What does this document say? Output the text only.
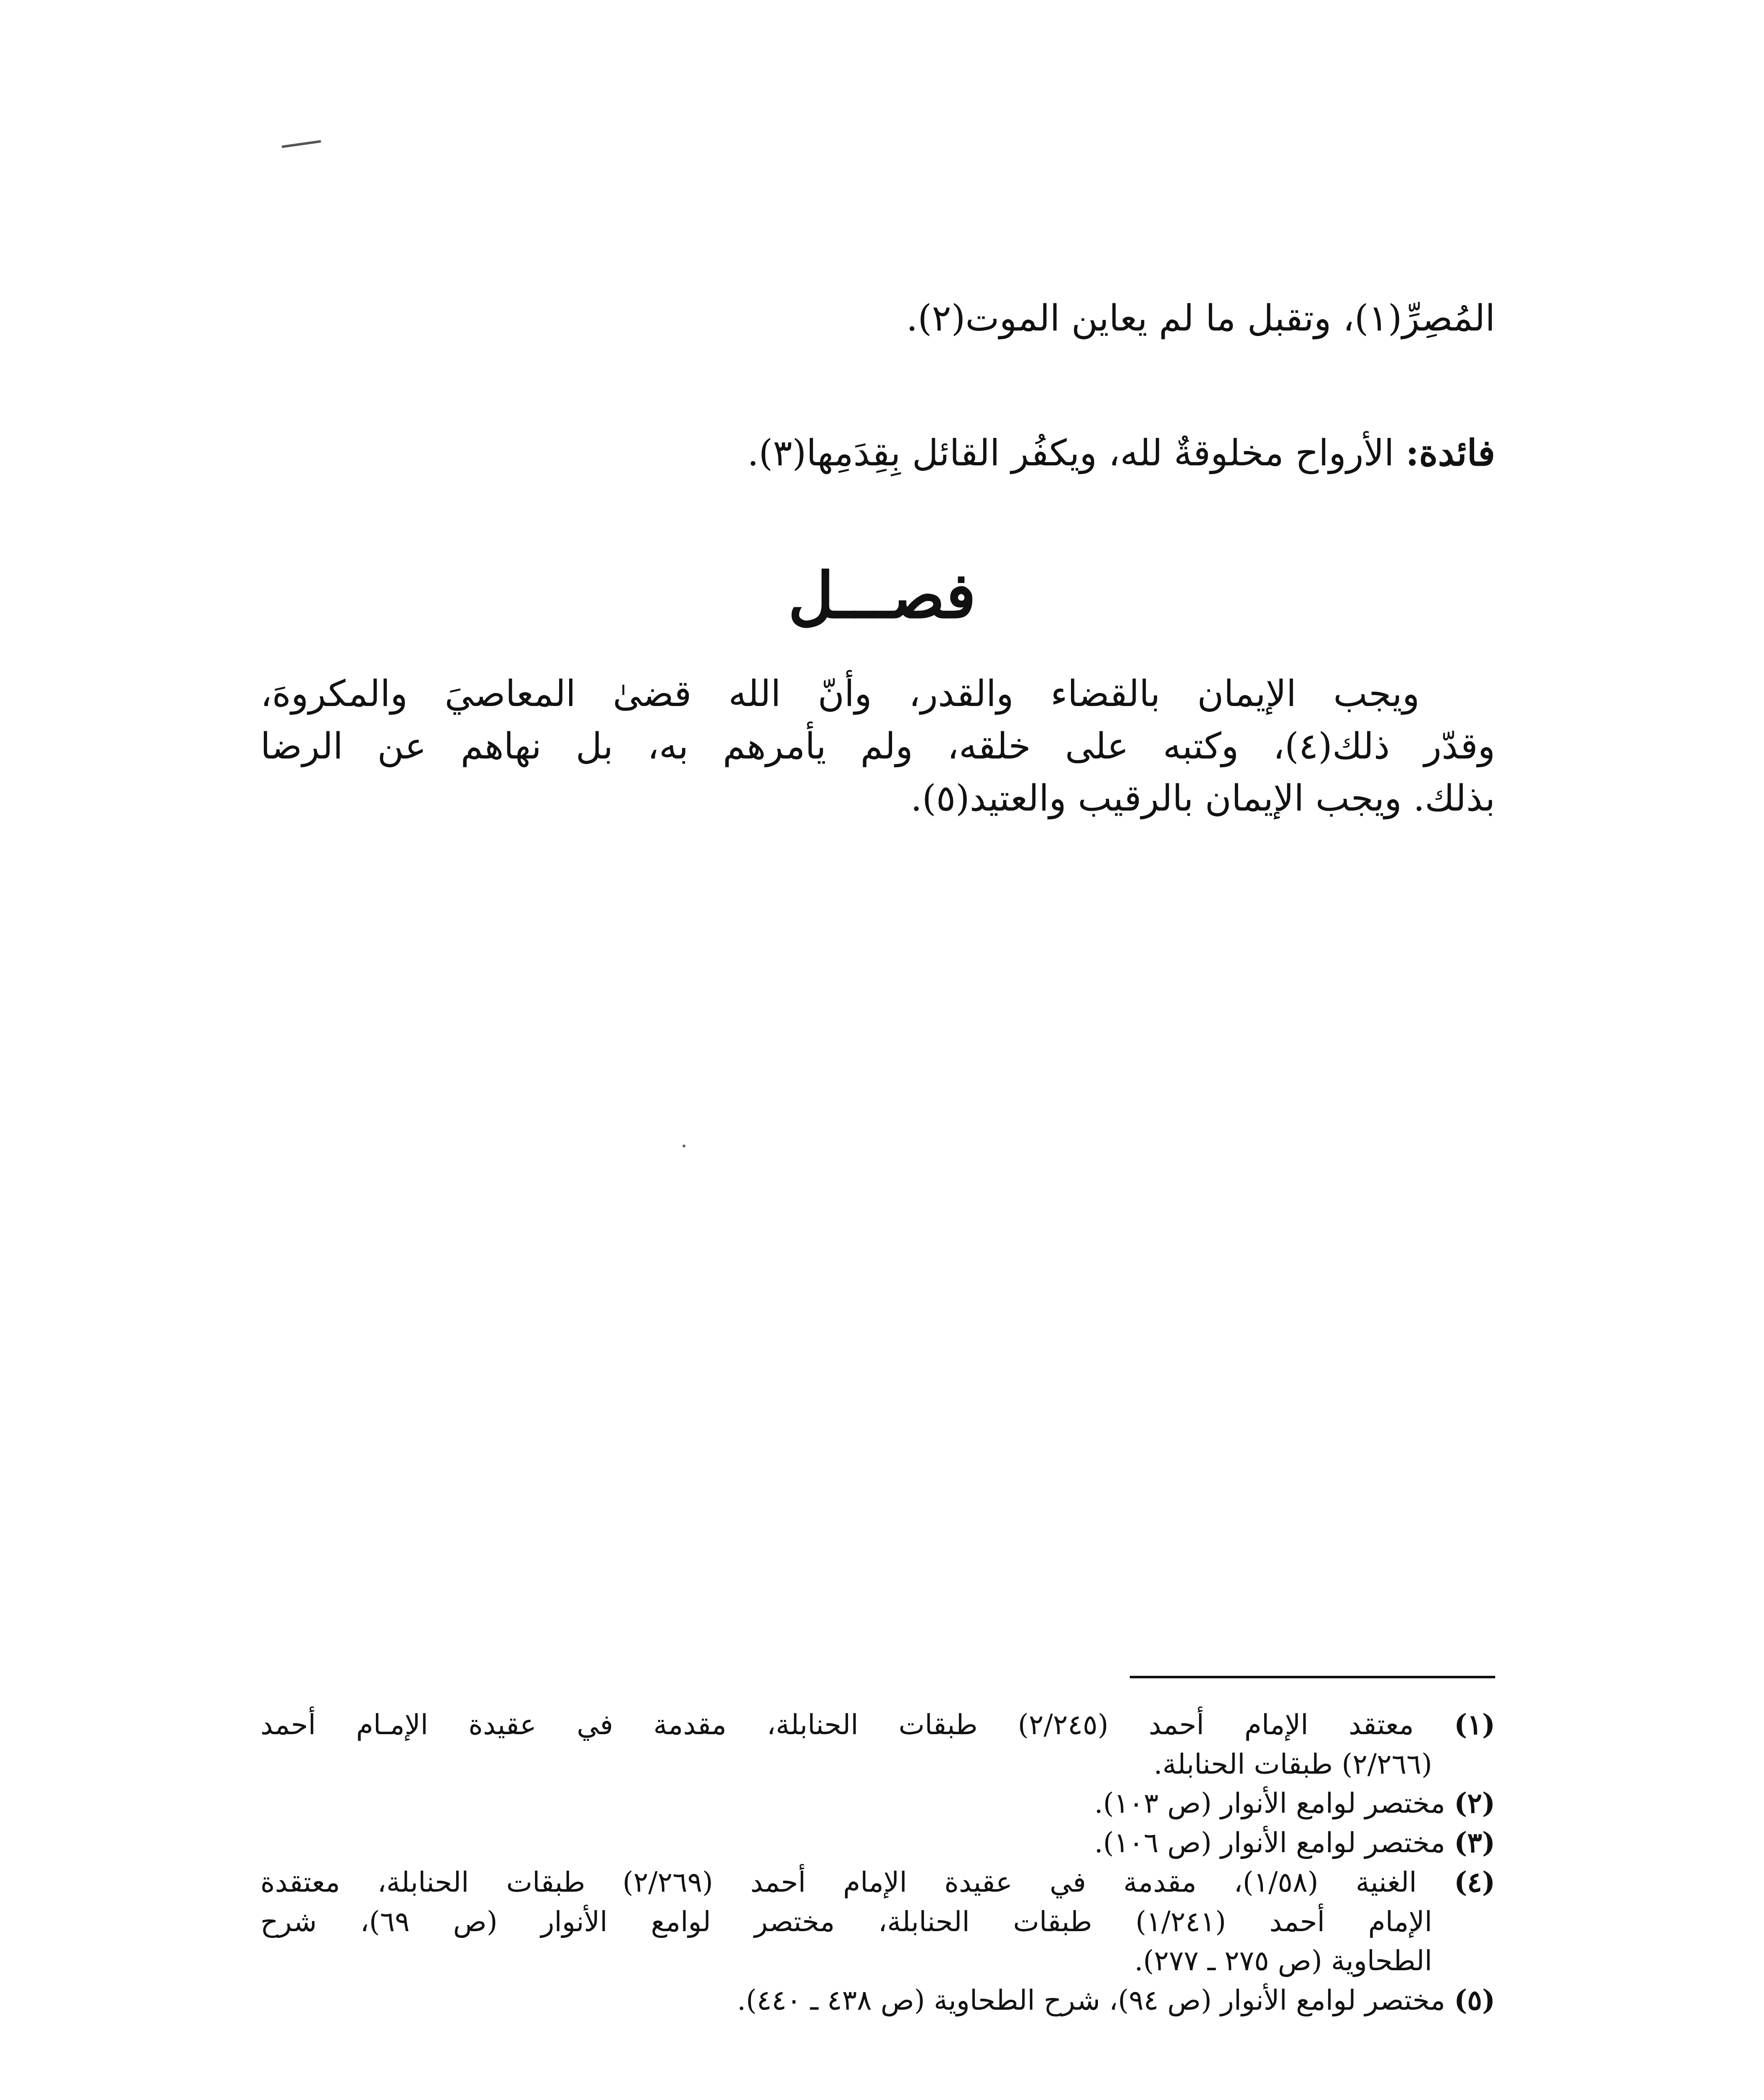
المُصِرِّ(١)، وتقبل ما لم يعاين الموت(٢).
فائدة: الأرواح مخلوقةٌ لله، ويكفُر القائل بِقِدَمِها(٣).
فصـــل
ويجب الإيمان بالقضاء والقدر، وأنّ الله قضىٰ المعاصيَ والمكروهَ،
وقدّر ذلك(٤)، وكتبه على خلقه، ولم يأمرهم به، بل نهاهم عن الرضا
بذلك. ويجب الإيمان بالرقيب والعتيد(٥).
(١) معتقد الإمام أحمد (٢/٢٤٥) طبقات الحنابلة، مقدمة في عقيدة الإمـام أحمد
(٢/٢٦٦) طبقات الحنابلة.
(٢) مختصر لوامع الأنوار (ص ١٠٣).
(٣) مختصر لوامع الأنوار (ص ١٠٦).
(٤) الغنية (١/٥٨)، مقدمة في عقيدة الإمام أحمد (٢/٢٦٩) طبقات الحنابلة، معتقدة
الإمام أحمد (١/٢٤١) طبقات الحنابلة، مختصر لوامع الأنوار (ص ٦٩)، شرح
الطحاوية (ص ٢٧٥ ـ ٢٧٧).
(٥) مختصر لوامع الأنوار (ص ٩٤)، شرح الطحاوية (ص ٤٣٨ ـ ٤٤٠).
